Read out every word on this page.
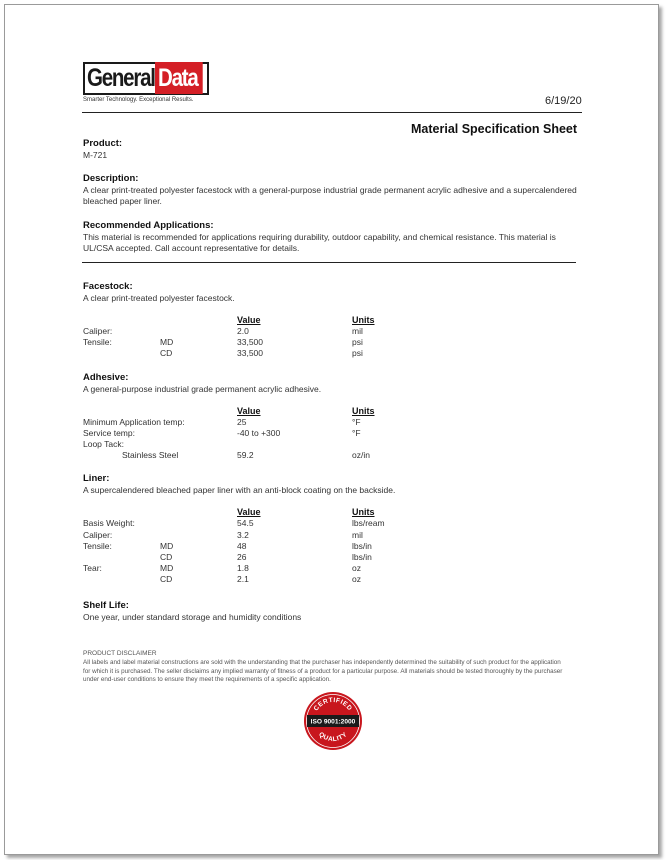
General Data
Smarter Technology. Exceptional Results.	6/19/20
Material Specification Sheet
Product:
M-721
Description:
A clear print-treated polyester facestock with a general-purpose industrial grade permanent acrylic adhesive and a supercalendered bleached paper liner.
Recommended Applications:
This material is recommended for applications requiring durability, outdoor capability, and chemical resistance. This material is UL/CSA accepted. Call account representative for details.
Facestock:
A clear print-treated polyester facestock.
Value	Units
Caliper:	2.0	mil
Tensile:	MD	33,500	psi
CD	33,500	psi
Adhesive:
A general-purpose industrial grade permanent acrylic adhesive.
Value	Units
Minimum Application temp:	25	°F
Service temp:	-40 to +300	°F
Loop Tack:
Stainless Steel	59.2	oz/in
Liner:
A supercalendered bleached paper liner with an anti-block coating on the backside.
Value	Units
Basis Weight:	54.5	lbs/ream
Caliper:	3.2	mil
Tensile:	MD	48	lbs/in
CD	26	lbs/in
Tear:	MD	1.8	oz
CD	2.1	oz
Shelf Life:
One year, under standard storage and humidity conditions
PRODUCT DISCLAIMER
All labels and label material constructions are sold with the understanding that the purchaser has independently determined the suitability of such product for the application for which it is purchased. The seller disclaims any implied warranty of fitness of a product for a particular purpose. All materials should be tested thoroughly by the purchaser under end-user conditions to ensure they meet the requirements of a specific application.
CERTIFIED
ISO 9001:2000
QUALITY
